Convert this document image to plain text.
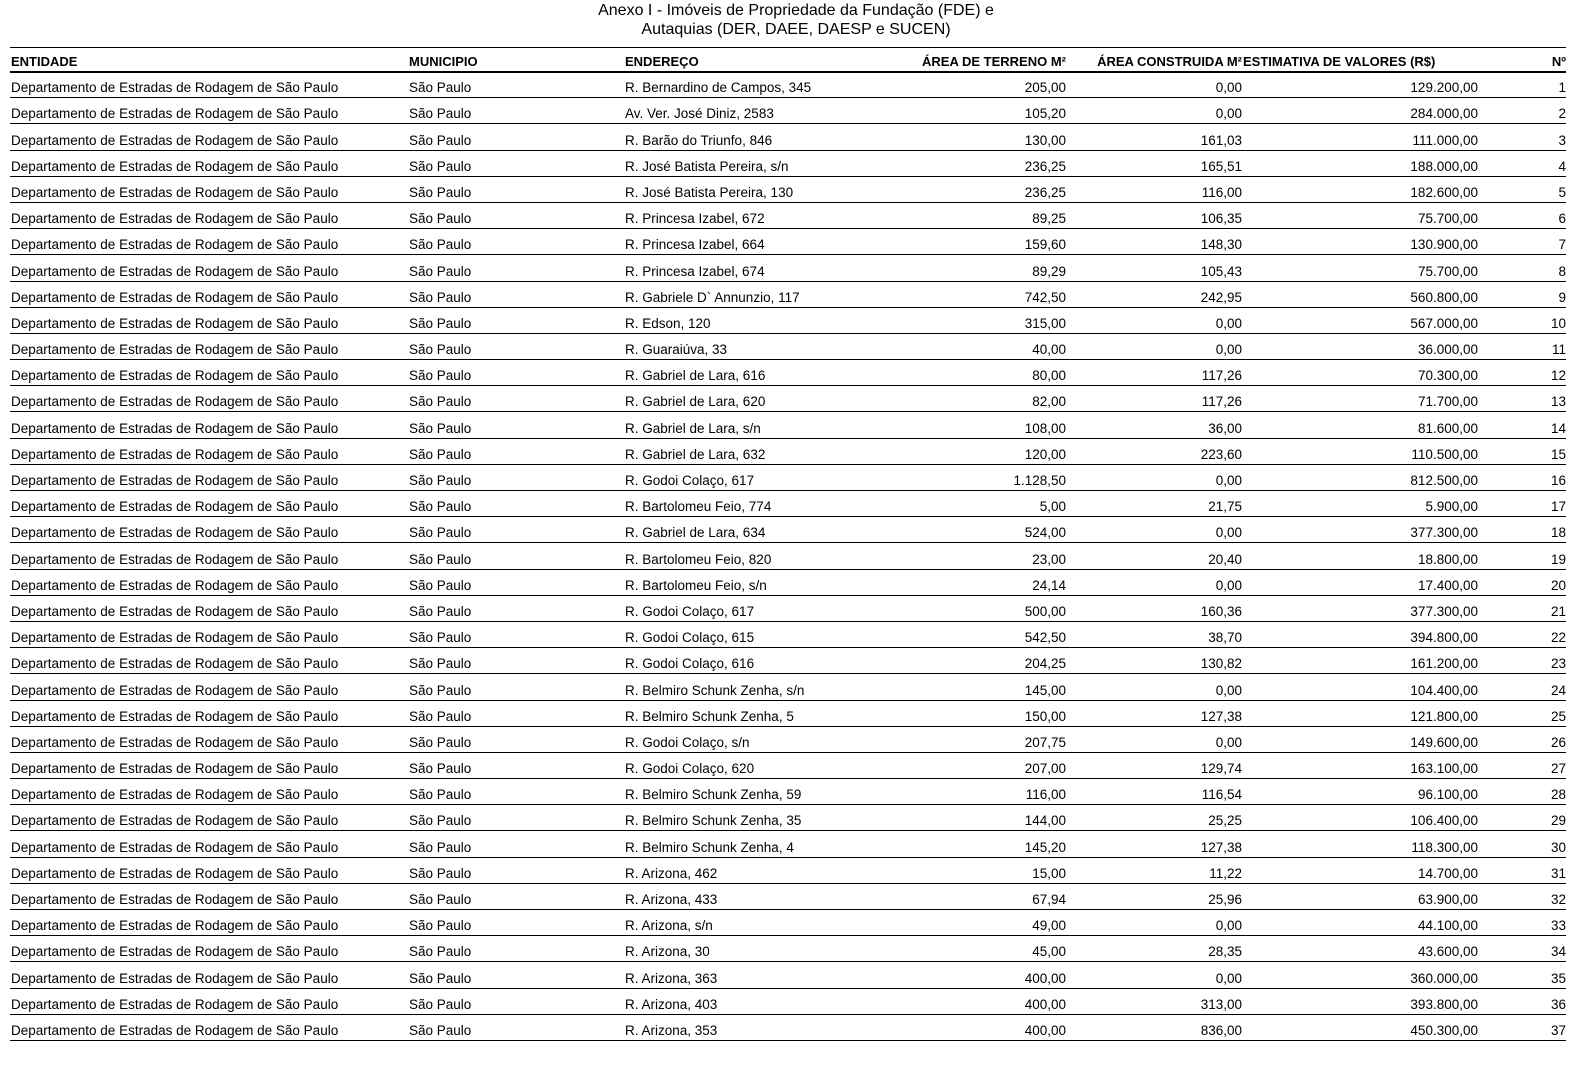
Anexo I - Imóveis de Propriedade da Fundação (FDE) e
Autaquias (DER, DAEE, DAESP e SUCEN)
ENTIDADE	MUNICIPIO	ENDEREÇO	ÁREA DE TERRENO M²	ÁREA CONSTRUIDA M²	ESTIMATIVA DE VALORES (R$)	Nº
Departamento de Estradas de Rodagem de São Paulo	São Paulo	R. Bernardino de Campos, 345	205,00	0,00	129.200,00	1
Departamento de Estradas de Rodagem de São Paulo	São Paulo	Av. Ver. José Diniz, 2583	105,20	0,00	284.000,00	2
Departamento de Estradas de Rodagem de São Paulo	São Paulo	R. Barão do Triunfo, 846	130,00	161,03	111.000,00	3
Departamento de Estradas de Rodagem de São Paulo	São Paulo	R. José Batista Pereira, s/n	236,25	165,51	188.000,00	4
Departamento de Estradas de Rodagem de São Paulo	São Paulo	R. José Batista Pereira, 130	236,25	116,00	182.600,00	5
Departamento de Estradas de Rodagem de São Paulo	São Paulo	R. Princesa Izabel, 672	89,25	106,35	75.700,00	6
Departamento de Estradas de Rodagem de São Paulo	São Paulo	R. Princesa Izabel, 664	159,60	148,30	130.900,00	7
Departamento de Estradas de Rodagem de São Paulo	São Paulo	R. Princesa Izabel, 674	89,29	105,43	75.700,00	8
Departamento de Estradas de Rodagem de São Paulo	São Paulo	R. Gabriele D` Annunzio, 117	742,50	242,95	560.800,00	9
Departamento de Estradas de Rodagem de São Paulo	São Paulo	R. Edson, 120	315,00	0,00	567.000,00	10
Departamento de Estradas de Rodagem de São Paulo	São Paulo	R. Guaraiúva, 33	40,00	0,00	36.000,00	11
Departamento de Estradas de Rodagem de São Paulo	São Paulo	R. Gabriel de Lara, 616	80,00	117,26	70.300,00	12
Departamento de Estradas de Rodagem de São Paulo	São Paulo	R. Gabriel de Lara, 620	82,00	117,26	71.700,00	13
Departamento de Estradas de Rodagem de São Paulo	São Paulo	R. Gabriel de Lara, s/n	108,00	36,00	81.600,00	14
Departamento de Estradas de Rodagem de São Paulo	São Paulo	R. Gabriel de Lara, 632	120,00	223,60	110.500,00	15
Departamento de Estradas de Rodagem de São Paulo	São Paulo	R. Godoi Colaço, 617	1.128,50	0,00	812.500,00	16
Departamento de Estradas de Rodagem de São Paulo	São Paulo	R. Bartolomeu Feio, 774	5,00	21,75	5.900,00	17
Departamento de Estradas de Rodagem de São Paulo	São Paulo	R. Gabriel de Lara, 634	524,00	0,00	377.300,00	18
Departamento de Estradas de Rodagem de São Paulo	São Paulo	R. Bartolomeu Feio, 820	23,00	20,40	18.800,00	19
Departamento de Estradas de Rodagem de São Paulo	São Paulo	R. Bartolomeu Feio, s/n	24,14	0,00	17.400,00	20
Departamento de Estradas de Rodagem de São Paulo	São Paulo	R. Godoi Colaço, 617	500,00	160,36	377.300,00	21
Departamento de Estradas de Rodagem de São Paulo	São Paulo	R. Godoi Colaço, 615	542,50	38,70	394.800,00	22
Departamento de Estradas de Rodagem de São Paulo	São Paulo	R. Godoi Colaço, 616	204,25	130,82	161.200,00	23
Departamento de Estradas de Rodagem de São Paulo	São Paulo	R. Belmiro Schunk Zenha, s/n	145,00	0,00	104.400,00	24
Departamento de Estradas de Rodagem de São Paulo	São Paulo	R. Belmiro Schunk Zenha, 5	150,00	127,38	121.800,00	25
Departamento de Estradas de Rodagem de São Paulo	São Paulo	R. Godoi Colaço, s/n	207,75	0,00	149.600,00	26
Departamento de Estradas de Rodagem de São Paulo	São Paulo	R. Godoi Colaço, 620	207,00	129,74	163.100,00	27
Departamento de Estradas de Rodagem de São Paulo	São Paulo	R. Belmiro Schunk Zenha, 59	116,00	116,54	96.100,00	28
Departamento de Estradas de Rodagem de São Paulo	São Paulo	R. Belmiro Schunk Zenha, 35	144,00	25,25	106.400,00	29
Departamento de Estradas de Rodagem de São Paulo	São Paulo	R. Belmiro Schunk Zenha, 4	145,20	127,38	118.300,00	30
Departamento de Estradas de Rodagem de São Paulo	São Paulo	R. Arizona, 462	15,00	11,22	14.700,00	31
Departamento de Estradas de Rodagem de São Paulo	São Paulo	R. Arizona, 433	67,94	25,96	63.900,00	32
Departamento de Estradas de Rodagem de São Paulo	São Paulo	R. Arizona, s/n	49,00	0,00	44.100,00	33
Departamento de Estradas de Rodagem de São Paulo	São Paulo	R. Arizona, 30	45,00	28,35	43.600,00	34
Departamento de Estradas de Rodagem de São Paulo	São Paulo	R. Arizona, 363	400,00	0,00	360.000,00	35
Departamento de Estradas de Rodagem de São Paulo	São Paulo	R. Arizona, 403	400,00	313,00	393.800,00	36
Departamento de Estradas de Rodagem de São Paulo	São Paulo	R. Arizona, 353	400,00	836,00	450.300,00	37
